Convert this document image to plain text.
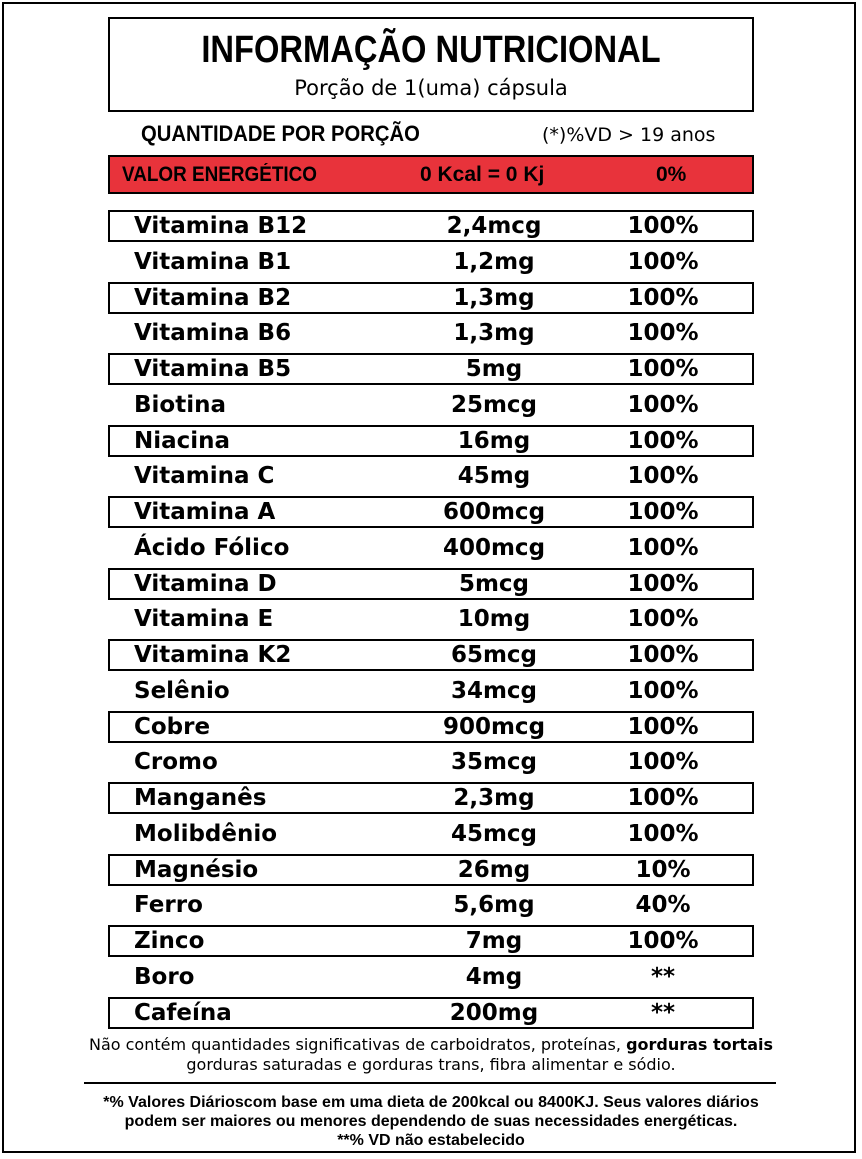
INFORMAÇÃO NUTRICIONAL
Porção de 1(uma) cápsula
QUANTIDADE POR PORÇÃO	(*)%VD > 19 anos
VALOR ENERGÉTICO	0 Kcal = 0 Kj	0%
Vitamina B12	2,4mcg	100%
Vitamina B1	1,2mg	100%
Vitamina B2	1,3mg	100%
Vitamina B6	1,3mg	100%
Vitamina B5	5mg	100%
Biotina	25mcg	100%
Niacina	16mg	100%
Vitamina C	45mg	100%
Vitamina A	600mcg	100%
Ácido Fólico	400mcg	100%
Vitamina D	5mcg	100%
Vitamina E	10mg	100%
Vitamina K2	65mcg	100%
Selênio	34mcg	100%
Cobre	900mcg	100%
Cromo	35mcg	100%
Manganês	2,3mg	100%
Molibdênio	45mcg	100%
Magnésio	26mg	10%
Ferro	5,6mg	40%
Zinco	7mg	100%
Boro	4mg	**
Cafeína	200mg	**
Não contém quantidades significativas de carboidratos, proteínas, gorduras tortais
gorduras saturadas e gorduras trans, fibra alimentar e sódio.
*% Valores Diárioscom base em uma dieta de 200kcal ou 8400KJ. Seus valores diários
podem ser maiores ou menores dependendo de suas necessidades energéticas.
**% VD não estabelecido
